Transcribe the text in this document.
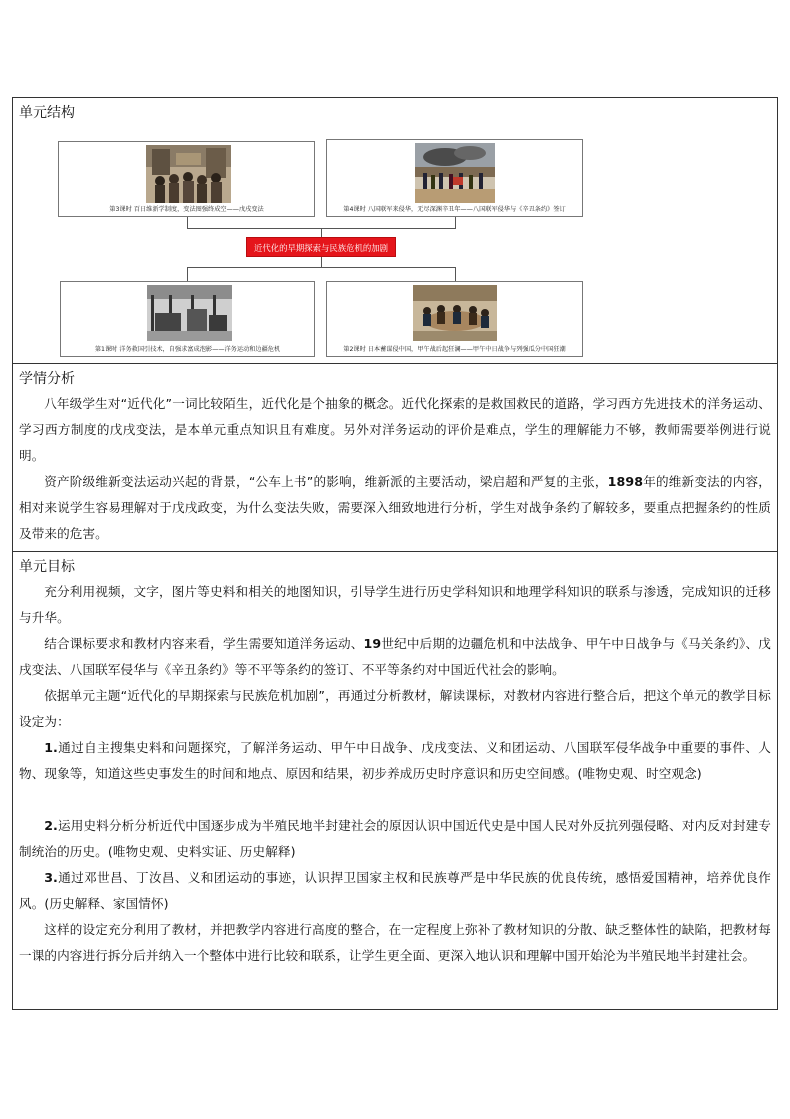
单元结构
第3课时 百日维新学制度，变法图强终成空——戊戌变法	第4课时 八国联军来侵华，无尽深渊辛丑年——八国联军侵华与《辛丑条约》签订
近代化的早期探索与民族危机的加剧
第1课时 洋务救国引技术，自强求富成泡影——洋务运动和边疆危机	第2课时 日本蓄谋侵中国，甲午战后起狂澜——甲午中日战争与列强瓜分中国狂潮
学情分析

八年级学生对“近代化”一词比较陌生，近代化是个抽象的概念。近代化探索的是救国救民的道路，学习西方先进技术的洋务运动、学习西方制度的戊戌变法，是本单元重点知识且有难度。另外对洋务运动的评价是难点，学生的理解能力不够，教师需要举例进行说明。

资产阶级维新变法运动兴起的背景，“公车上书”的影响，维新派的主要活动，梁启超和严复的主张，1898年的维新变法的内容，相对来说学生容易理解对于戊戌政变，为什么变法失败，需要深入细致地进行分析，学生对战争条约了解较多，要重点把握条约的性质及带来的危害。

单元目标

充分利用视频，文字，图片等史料和相关的地图知识，引导学生进行历史学科知识和地理学科知识的联系与渗透，完成知识的迁移与升华。

结合课标要求和教材内容来看，学生需要知道洋务运动、19世纪中后期的边疆危机和中法战争、甲午中日战争与《马关条约》、戊戌变法、八国联军侵华与《辛丑条约》等不平等条约的签订、不平等条约对中国近代社会的影响。

依据单元主题“近代化的早期探索与民族危机加剧”，再通过分析教材，解读课标，对教材内容进行整合后，把这个单元的教学目标设定为：

1.通过自主搜集史料和问题探究，了解洋务运动、甲午中日战争、戊戌变法、义和团运动、八国联军侵华战争中重要的事件、人物、现象等，知道这些史事发生的时间和地点、原因和结果，初步养成历史时序意识和历史空间感。(唯物史观、时空观念)

2.运用史料分析分析近代中国逐步成为半殖民地半封建社会的原因认识中国近代史是中国人民对外反抗列强侵略、对内反对封建专制统治的历史。(唯物史观、史料实证、历史解释)

3.通过邓世昌、丁汝昌、义和团运动的事迹，认识捍卫国家主权和民族尊严是中华民族的优良传统，感悟爱国精神，培养优良作风。(历史解释、家国情怀)

这样的设定充分利用了教材，并把教学内容进行高度的整合，在一定程度上弥补了教材知识的分散、缺乏整体性的缺陷，把教材每一课的内容进行拆分后并纳入一个整体中进行比较和联系，让学生更全面、更深入地认识和理解中国开始沦为半殖民地半封建社会。
